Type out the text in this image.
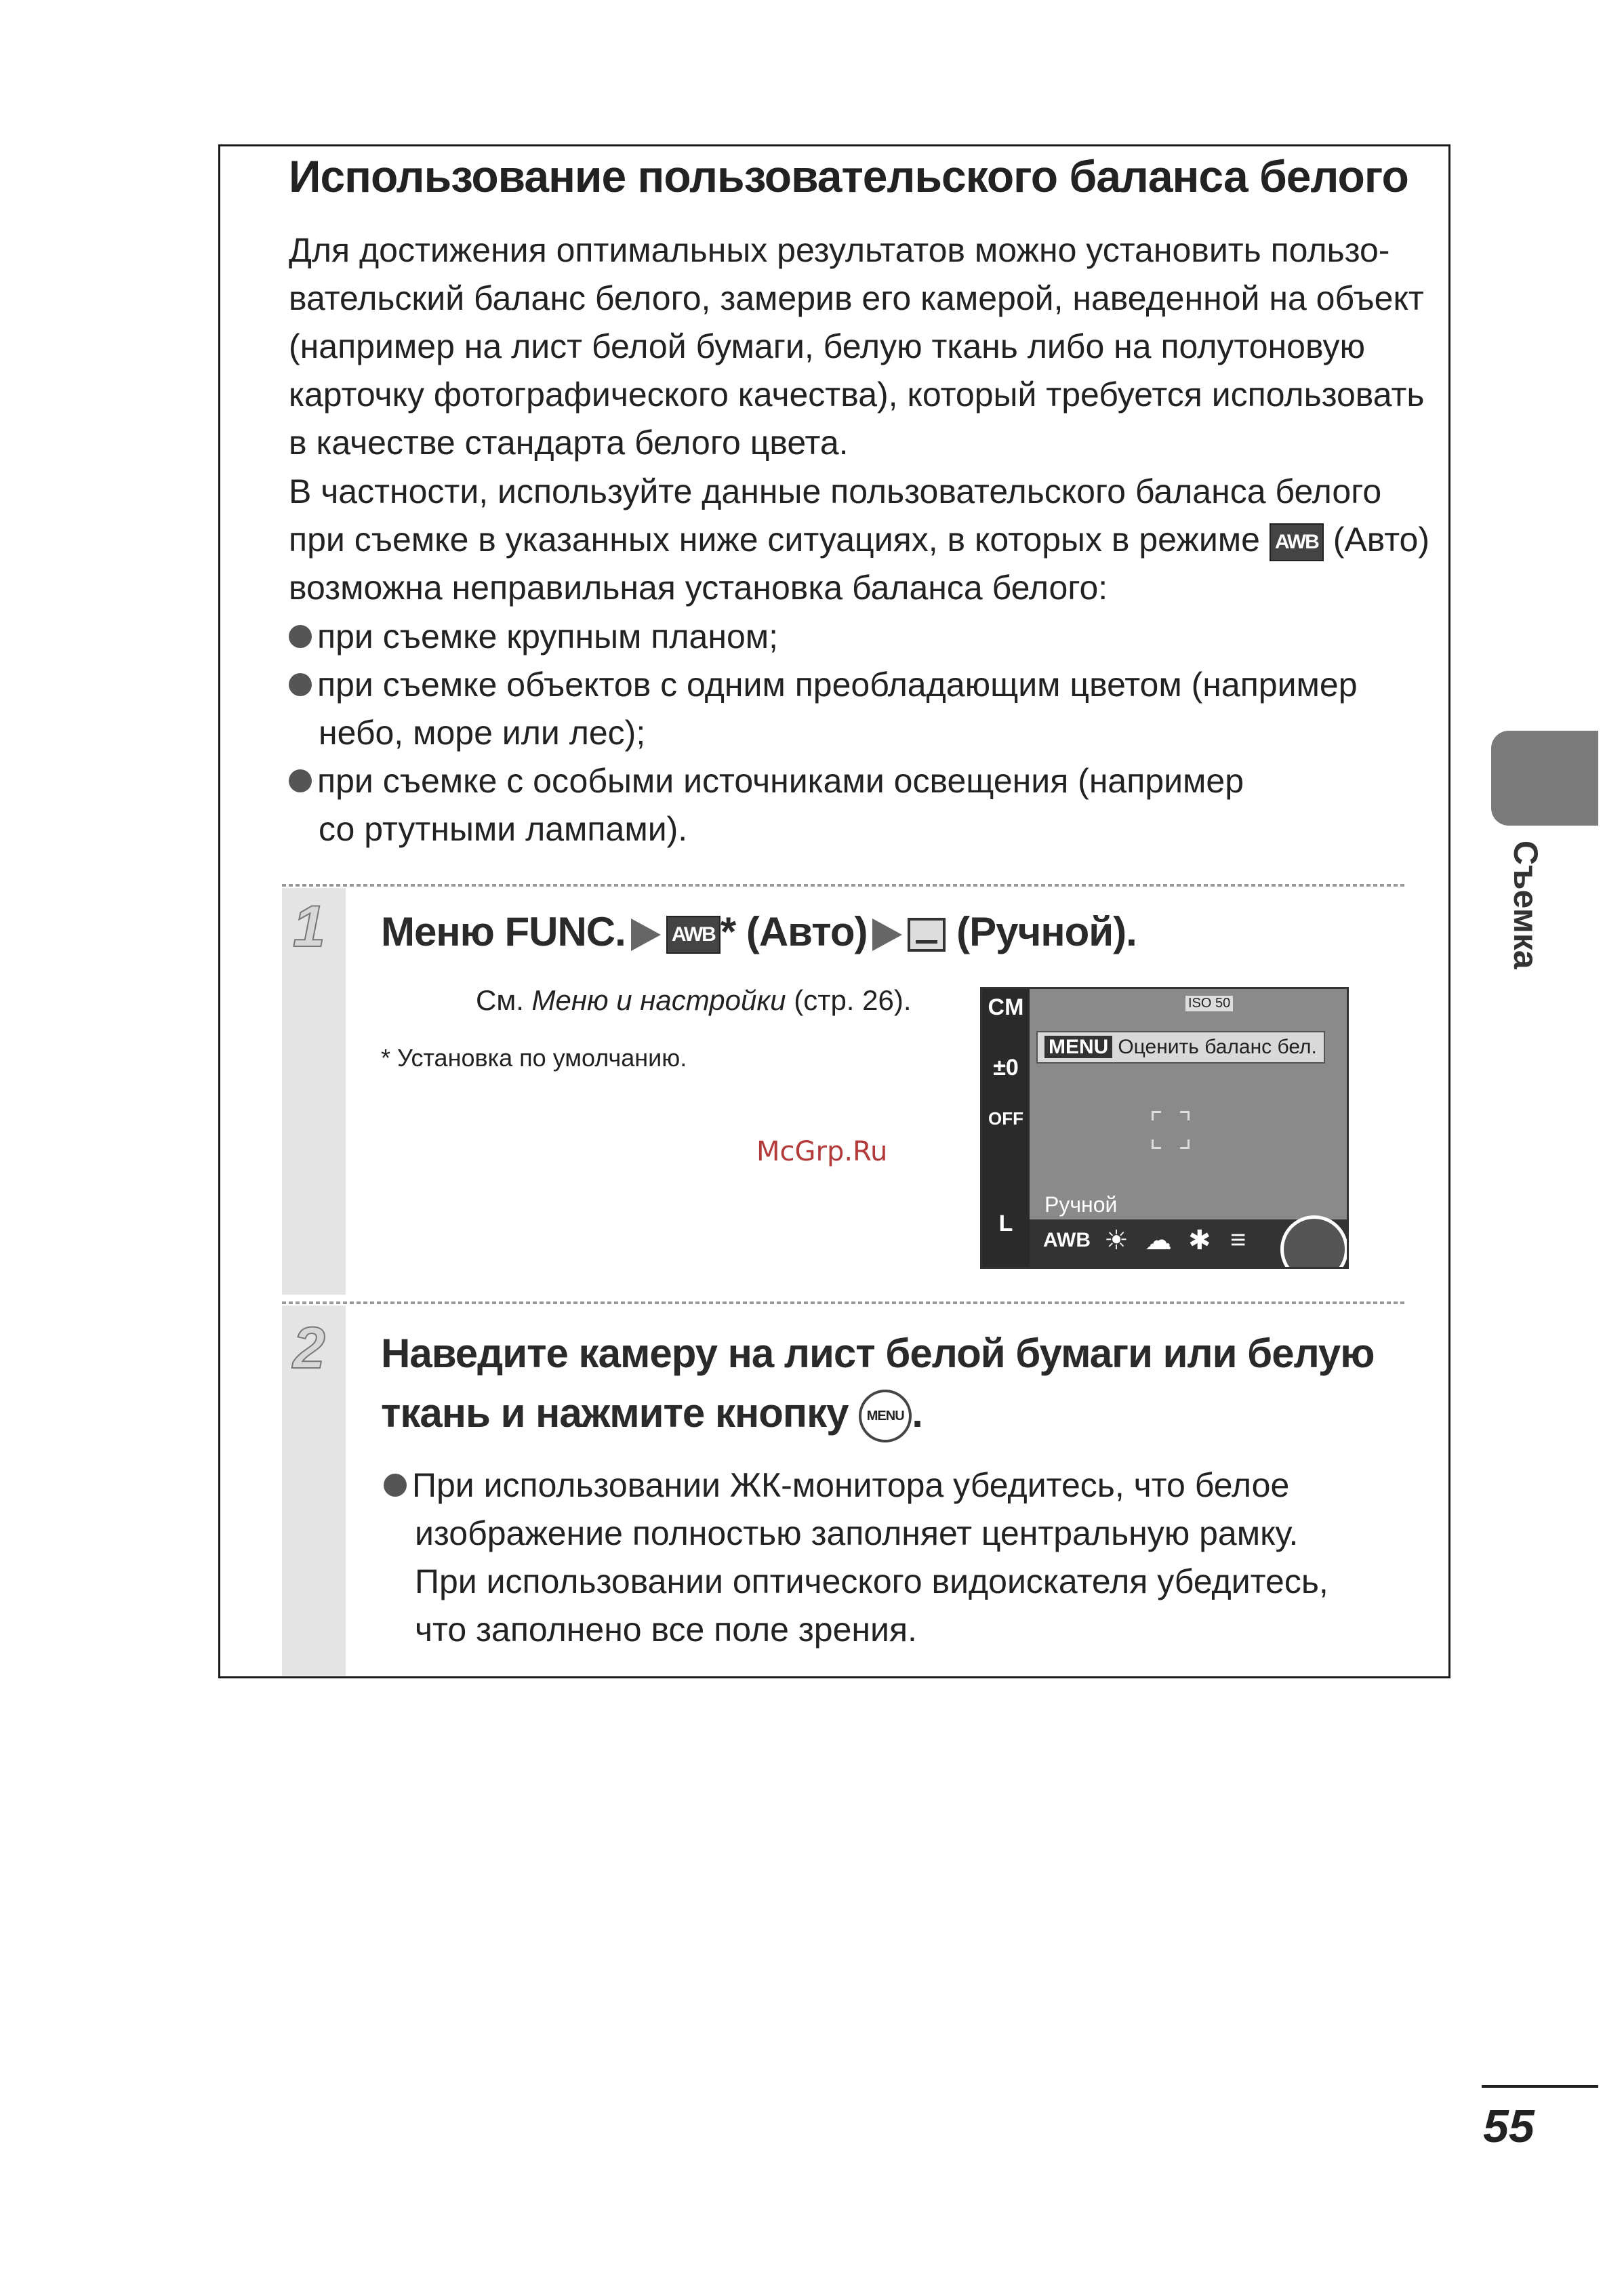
Использование пользовательского баланса белого
Для достижения оптимальных результатов можно установить пользо-
вательский баланс белого, замерив его камерой, наведенной на объект
(например на лист белой бумаги, белую ткань либо на полутоновую
карточку фотографического качества), который требуется использовать
в качестве стандарта белого цвета.
В частности, используйте данные пользовательского баланса белого
при съемке в указанных ниже ситуациях, в которых в режиме AWB (Авто)
возможна неправильная установка баланса белого:
при съемке крупным планом;
при съемке объектов с одним преобладающим цветом (например
небо, море или лес);
при съемке с особыми источниками освещения (например
со ртутными лампами).
1 Меню FUNC. AWB * (Авто) (Ручной).
См. Меню и настройки (стр. 26).
* Установка по умолчанию.
CM
±0
OFF
L
ISO 50
MENU Оценить баланс бел.
Ручной
AWB ☀ ☁ ✱ ≡
McGrp.Ru
2 Наведите камеру на лист белой бумаги или белую
ткань и нажмите кнопку MENU .
При использовании ЖК-монитора убедитесь, что белое
изображение полностью заполняет центральную рамку.
При использовании оптического видоискателя убедитесь,
что заполнено все поле зрения.
Съемка
55
